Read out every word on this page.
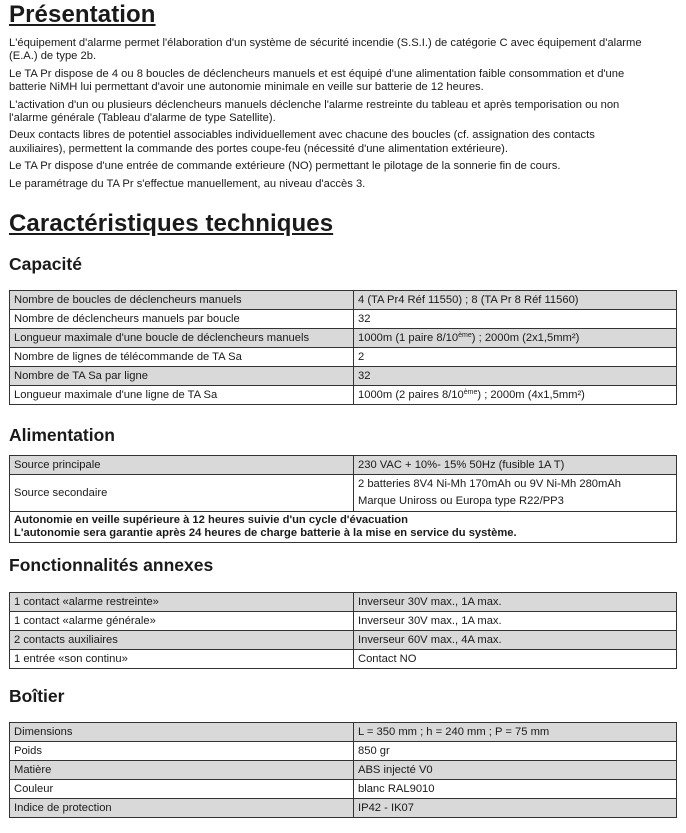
Présentation

L'équipement d'alarme permet l'élaboration d'un système de sécurité incendie (S.S.I.) de catégorie C avec équipement d'alarme (E.A.) de type 2b.

Le TA Pr dispose de 4 ou 8 boucles de déclencheurs manuels et est équipé d'une alimentation faible consommation et d'une batterie NiMH lui permettant d'avoir une autonomie minimale en veille sur batterie de 12 heures.

L'activation d'un ou plusieurs déclencheurs manuels déclenche l'alarme restreinte du tableau et après temporisation ou non l'alarme générale (Tableau d'alarme de type Satellite).

Deux contacts libres de potentiel associables individuellement avec chacune des boucles (cf. assignation des contacts auxiliaires), permettent la commande des portes coupe-feu (nécessité d'une alimentation extérieure).

Le TA Pr dispose d'une entrée de commande extérieure (NO) permettant le pilotage de la sonnerie fin de cours.

Le paramétrage du TA Pr s'effectue manuellement, au niveau d'accès 3.

Caractéristiques techniques
Capacité
Nombre de boucles de déclencheurs manuels	4 (TA Pr4 Réf 11550) ; 8 (TA Pr 8 Réf 11560)
Nombre de déclencheurs manuels par boucle	32
Longueur maximale d'une boucle de déclencheurs manuels	1000m (1 paire 8/10ème) ; 2000m (2x1,5mm²)
Nombre de lignes de télécommande de TA Sa	2
Nombre de TA Sa par ligne	32
Longueur maximale d'une ligne de TA Sa	1000m (2 paires 8/10ème) ; 2000m (4x1,5mm²)
Alimentation
Source principale	230 VAC + 10%- 15% 50Hz (fusible 1A T)
Source secondaire	2 batteries 8V4 Ni-Mh 170mAh ou 9V Ni-Mh 280mAh
Marque Uniross ou Europa type R22/PP3

Autonomie en veille supérieure à 12 heures suivie d'un cycle d'évacuation
L'autonomie sera garantie après 24 heures de charge batterie à la mise en service du système.	
Fonctionnalités annexes
1 contact «alarme restreinte»	Inverseur 30V max., 1A max.
1 contact «alarme générale»	Inverseur 30V max., 1A max.
2 contacts auxiliaires	Inverseur 60V max., 4A max.
1 entrée «son continu»	Contact NO
Boîtier
Dimensions	L = 350 mm ; h = 240 mm ; P = 75 mm
Poids	850 gr
Matière	ABS injecté V0
Couleur	blanc RAL9010
Indice de protection	IP42 - IK07
